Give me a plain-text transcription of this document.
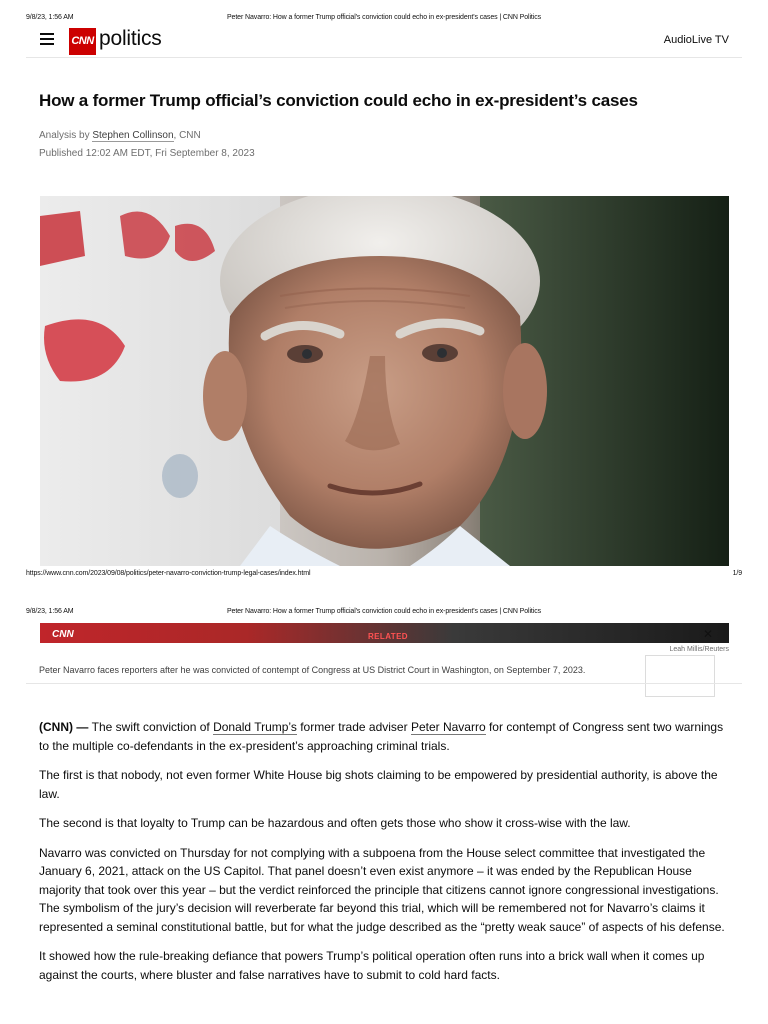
9/8/23, 1:56 AM	Peter Navarro: How a former Trump official's conviction could echo in ex-president's cases | CNN Politics
CNN politics	AudioLive TV
How a former Trump official’s conviction could echo in ex-president’s cases
Analysis by Stephen Collinson, CNN
Published 12:02 AM EDT, Fri September 8, 2023
https://www.cnn.com/2023/09/08/politics/peter-navarro-conviction-trump-legal-cases/index.html	1/9
9/8/23, 1:56 AM	Peter Navarro: How a former Trump official's conviction could echo in ex-president's cases | CNN Politics
CNN	RELATED	✕
Leah Millis/Reuters
Peter Navarro faces reporters after he was convicted of contempt of Congress at US District Court in Washington, on September 7, 2023.

(CNN) — The swift conviction of Donald Trump’s former trade adviser Peter Navarro for contempt of Congress sent two warnings to the multiple co-defendants in the ex-president’s approaching criminal trials.

The first is that nobody, not even former White House big shots claiming to be empowered by presidential authority, is above the law.

The second is that loyalty to Trump can be hazardous and often gets those who show it cross-wise with the law.

Navarro was convicted on Thursday for not complying with a subpoena from the House select committee that investigated the January 6, 2021, attack on the US Capitol. That panel doesn’t even exist anymore – it was ended by the Republican House majority that took over this year – but the verdict reinforced the principle that citizens cannot ignore congressional investigations. The symbolism of the jury’s decision will reverberate far beyond this trial, which will be remembered not for Navarro’s claims it represented a seminal constitutional battle, but for what the judge described as the “pretty weak sauce” of aspects of his defense.

It showed how the rule-breaking defiance that powers Trump’s political operation often runs into a brick wall when it comes up against the courts, where bluster and false narratives have to submit to cold hard facts.
